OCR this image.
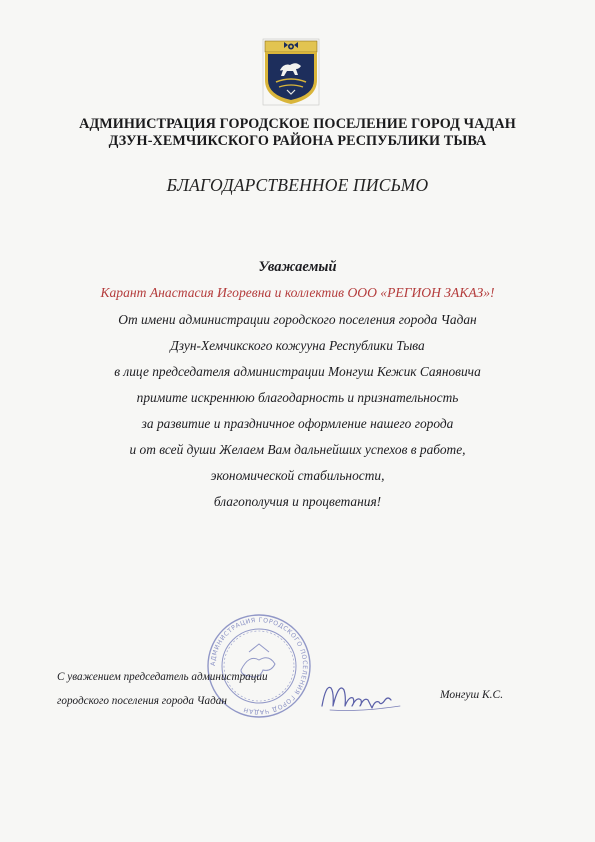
АДМИНИСТРАЦИЯ ГОРОДСКОЕ ПОСЕЛЕНИЕ ГОРОД ЧАДАН
ДЗУН-ХЕМЧИКСКОГО РАЙОНА РЕСПУБЛИКИ ТЫВА
БЛАГОДАРСТВЕННОЕ ПИСЬМО
Уважаемый
Карант Анастасия Игоревна и коллектив ООО «РЕГИОН ЗАКАЗ»!
От имени администрации городского поселения города Чадан
Дзун-Хемчикского кожууна Республики Тыва
в лице председателя администрации Монгуш Кежик Саяновича
примите искреннюю благодарность и признательность
за развитие и праздничное оформление нашего города
и от всей души Желаем Вам дальнейших успехов в работе,
экономической стабильности,
благополучия и процветания!
АДМИНИСТРАЦИЯ ГОРОДСКОГО ПОСЕЛЕНИЯ ГОРОД ЧАДАН
С уважением председатель администрации
городского поселения города Чадан	Монгуш К.С.
